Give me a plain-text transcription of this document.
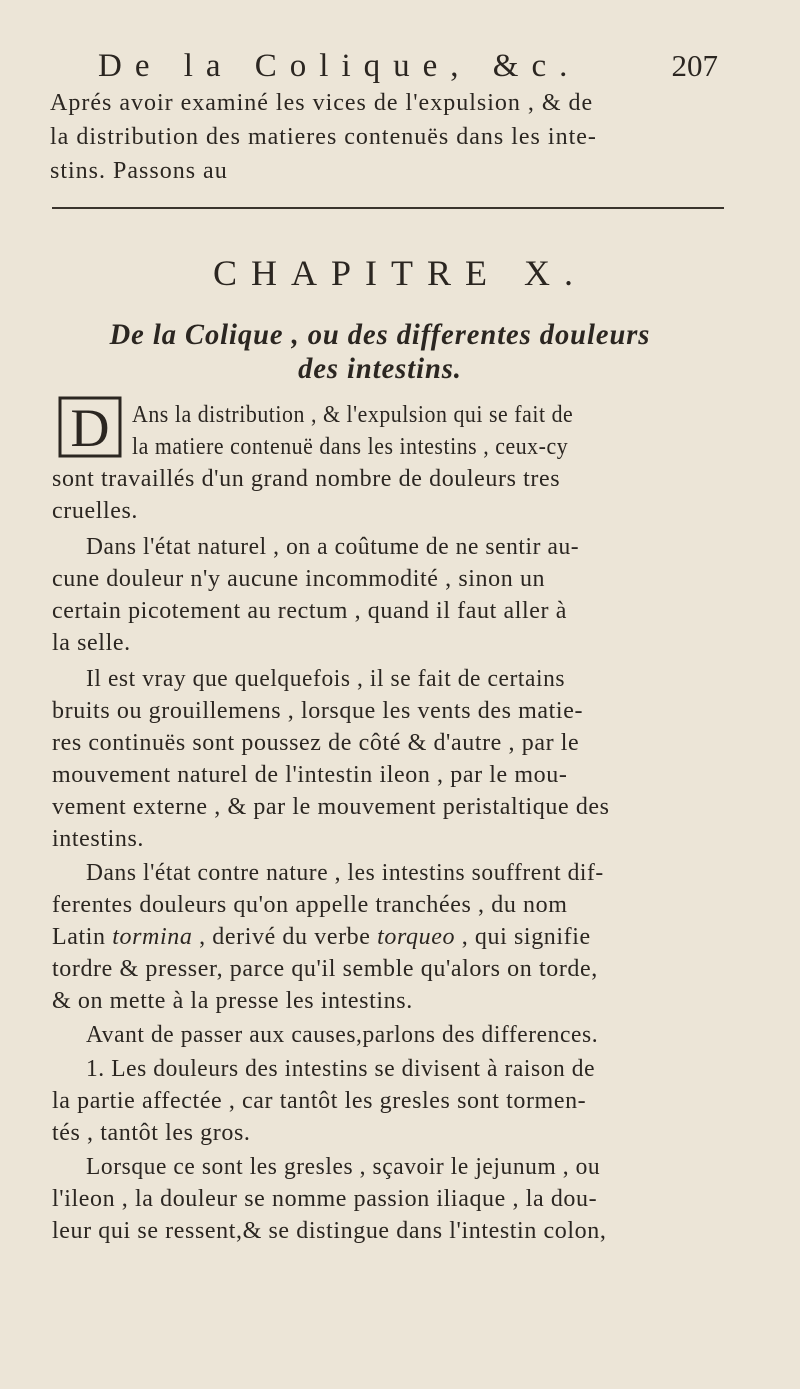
De la Colique, &c.	207
Aprés avoir examiné les vices de l'expulsion , & de
la distribution des matieres contenuës dans les inte-
stins. Passons au
CHAPITRE X.
De la Colique , ou des differentes douleurs
des intestins.
D Ans la distribution , & l'expulsion qui se fait de
la matiere contenuë dans les intestins , ceux-cy
sont travaillés d'un grand nombre de douleurs tres
cruelles.
Dans l'état naturel , on a coûtume de ne sentir au-
cune douleur n'y aucune incommodité , sinon un
certain picotement au rectum , quand il faut aller à
la selle.
Il est vray que quelquefois , il se fait de certains
bruits ou grouillemens , lorsque les vents des matie-
res continuës sont poussez de côté & d'autre , par le
mouvement naturel de l'intestin ileon , par le mou-
vement externe , & par le mouvement peristaltique des
intestins.
Dans l'état contre nature , les intestins souffrent dif-
ferentes douleurs qu'on appelle tranchées , du nom
Latin tormina , derivé du verbe torqueo , qui signifie
tordre & presser, parce qu'il semble qu'alors on torde,
& on mette à la presse les intestins.
Avant de passer aux causes,parlons des differences.
1. Les douleurs des intestins se divisent à raison de
la partie affectée , car tantôt les gresles sont tormen-
tés , tantôt les gros.
Lorsque ce sont les gresles , sçavoir le jejunum , ou
l'ileon , la douleur se nomme passion iliaque , la dou-
leur qui se ressent,& se distingue dans l'intestin colon,
